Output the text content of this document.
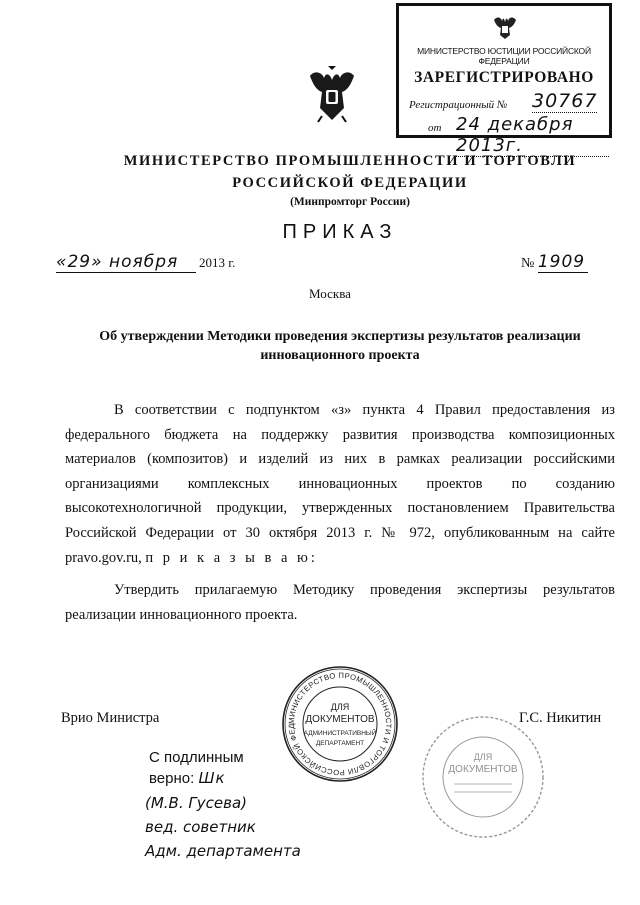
МИНИСТЕРСТВО ЮСТИЦИИ РОССИЙСКОЙ ФЕДЕРАЦИИ
ЗАРЕГИСТРИРОВАНО
Регистрационный № 30767
от 24 декабря 2013г.
МИНИСТЕРСТВО ПРОМЫШЛЕННОСТИ И ТОРГОВЛИ
РОССИЙСКОЙ ФЕДЕРАЦИИ
(Минпромторг России)
ПРИКАЗ
«29» ноября 2013 г.	№ 1909
Москва
Об утверждении Методики проведения экспертизы результатов реализации
инновационного проекта
В соответствии с подпунктом «з» пункта 4 Правил предоставления из федерального бюджета на поддержку развития производства композиционных материалов (композитов) и изделий из них в рамках реализации российскими организациями комплексных инновационных проектов по созданию высокотехнологичной продукции, утвержденных постановлением Правительства Российской Федерации от 30 октября 2013 г. № 972, опубликованным на сайте pravo.gov.ru, п р и к а з ы в а ю:
Утвердить прилагаемую Методику проведения экспертизы результатов реализации инновационного проекта.
Врио Министра	Г.С. Никитин
МИНИСТЕРСТВО ПРОМЫШЛЕННОСТИ И ТОРГОВЛИ РОССИЙСКОЙ ФЕД
ДЛЯ
ДОКУМЕНТОВ
АДМИНИСТРАТИВНЫЙ
ДЕПАРТАМЕНТ
ДЛЯ
ДОКУМЕНТОВ
С подлинным
верно: Шк
(М.В. Гусева)
вед. советник
Адм. департамента
